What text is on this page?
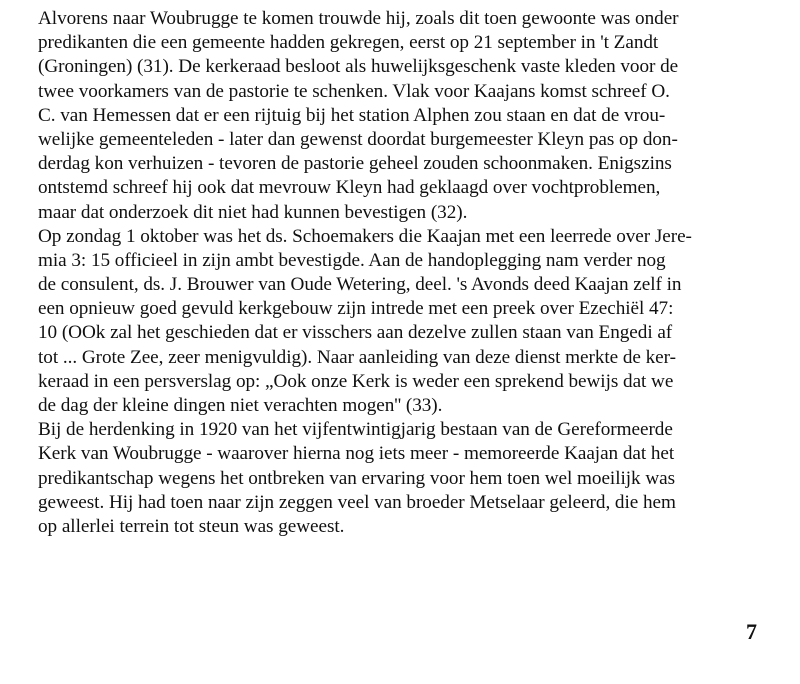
Alvorens naar Woubrugge te komen trouwde hij, zoals dit toen gewoonte was onder
predikanten die een gemeente hadden gekregen, eerst op 21 september in 't Zandt
(Groningen) (31). De kerkeraad besloot als huwelijksgeschenk vaste kleden voor de
twee voorkamers van de pastorie te schenken. Vlak voor Kaajans komst schreef O.
C. van Hemessen dat er een rijtuig bij het station Alphen zou staan en dat de vrou-
welijke gemeenteleden - later dan gewenst doordat burgemeester Kleyn pas op don-
derdag kon verhuizen - tevoren de pastorie geheel zouden schoonmaken. Enigszins
ontstemd schreef hij ook dat mevrouw Kleyn had geklaagd over vochtproblemen,
maar dat onderzoek dit niet had kunnen bevestigen (32).
Op zondag 1 oktober was het ds. Schoemakers die Kaajan met een leerrede over Jere-
mia 3: 15 officieel in zijn ambt bevestigde. Aan de handoplegging nam verder nog
de consulent, ds. J. Brouwer van Oude Wetering, deel. 's Avonds deed Kaajan zelf in
een opnieuw goed gevuld kerkgebouw zijn intrede met een preek over Ezechiël 47:
10 (OOk zal het geschieden dat er visschers aan dezelve zullen staan van Engedi af
tot ... Grote Zee, zeer menigvuldig). Naar aanleiding van deze dienst merkte de ker-
keraad in een persverslag op: „Ook onze Kerk is weder een sprekend bewijs dat we
de dag der kleine dingen niet verachten mogen'' (33).
Bij de herdenking in 1920 van het vijfentwintigjarig bestaan van de Gereformeerde
Kerk van Woubrugge - waarover hierna nog iets meer - memoreerde Kaajan dat het
predikantschap wegens het ontbreken van ervaring voor hem toen wel moeilijk was
geweest. Hij had toen naar zijn zeggen veel van broeder Metselaar geleerd, die hem
op allerlei terrein tot steun was geweest.
7
